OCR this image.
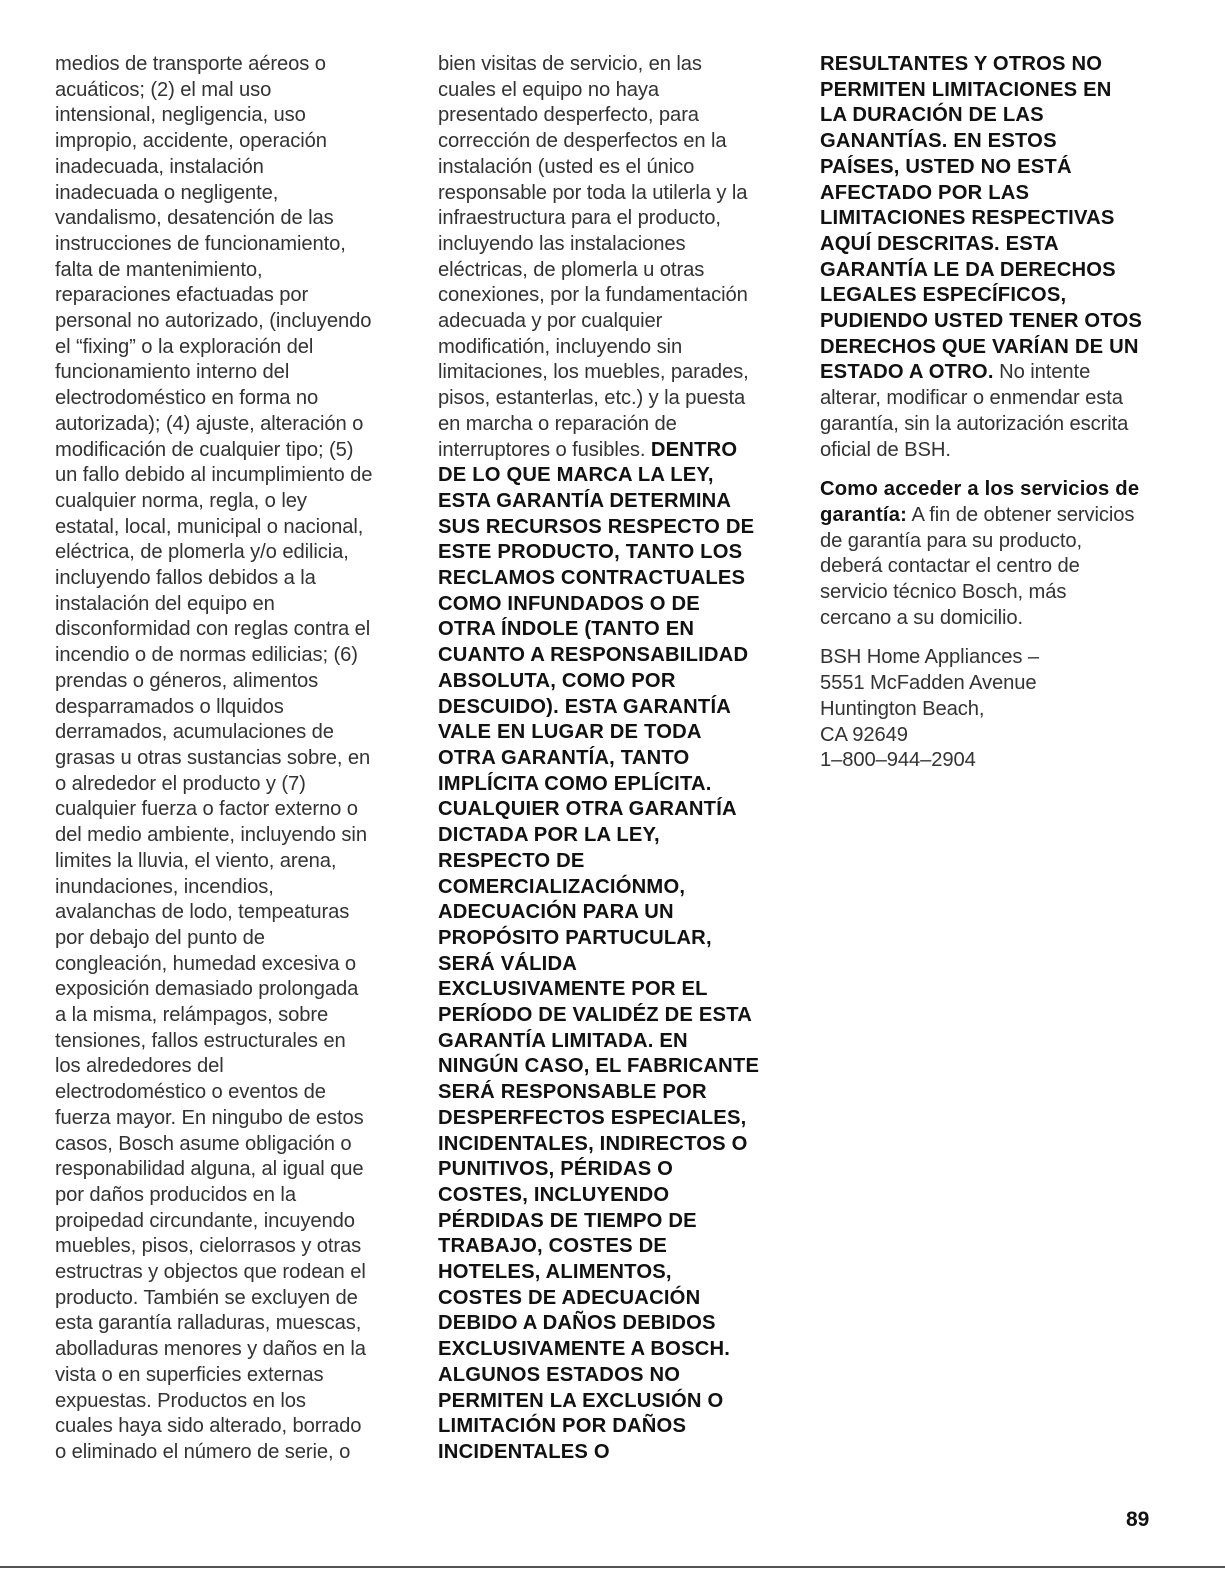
medios de transporte aéreos o
acuáticos; (2) el mal uso
intensional, negligencia, uso
impropio, accidente, operación
inadecuada, instalación
inadecuada o negligente,
vandalismo, desatención de las
instrucciones de funcionamiento,
falta de mantenimiento,
reparaciones efactuadas por
personal no autorizado, (incluyendo
el “fixing” o la exploración del
funcionamiento interno del
electrodoméstico en forma no
autorizada); (4) ajuste, alteración o
modificación de cualquier tipo; (5)
un fallo debido al incumplimiento de
cualquier norma, regla, o ley
estatal, local, municipal o nacional,
eléctrica, de plomerla y/o edilicia,
incluyendo fallos debidos a la
instalación del equipo en
disconformidad con reglas contra el
incendio o de normas edilicias; (6)
prendas o géneros, alimentos
desparramados o llquidos
derramados, acumulaciones de
grasas u otras sustancias sobre, en
o alrededor el producto y (7)
cualquier fuerza o factor externo o
del medio ambiente, incluyendo sin
limites la lluvia, el viento, arena,
inundaciones, incendios,
avalanchas de lodo, tempeaturas
por debajo del punto de
congleación, humedad excesiva o
exposición demasiado prolongada
a la misma, relámpagos, sobre
tensiones, fallos estructurales en
los alrededores del
electrodoméstico o eventos de
fuerza mayor. En ningubo de estos
casos, Bosch asume obligación o
responabilidad alguna, al igual que
por daños producidos en la
proipedad circundante, incuyendo
muebles, pisos, cielorrasos y otras
estructras y objectos que rodean el
producto. También se excluyen de
esta garantía ralladuras, muescas,
abolladuras menores y daños en la
vista o en superficies externas
expuestas. Productos en los
cuales haya sido alterado, borrado
o eliminado el número de serie, o
bien visitas de servicio, en las
cuales el equipo no haya
presentado desperfecto, para
corrección de desperfectos en la
instalación (usted es el único
responsable por toda la utilerla y la
infraestructura para el producto,
incluyendo las instalaciones
eléctricas, de plomerla u otras
conexiones, por la fundamentación
adecuada y por cualquier
modificatión, incluyendo sin
limitaciones, los muebles, parades,
pisos, estanterlas, etc.) y la puesta
en marcha o reparación de
interruptores o fusibles. DENTRO
DE LO QUE MARCA LA LEY,
ESTA GARANTÍA DETERMINA
SUS RECURSOS RESPECTO DE
ESTE PRODUCTO, TANTO LOS
RECLAMOS CONTRACTUALES
COMO INFUNDADOS O DE
OTRA ÍNDOLE (TANTO EN
CUANTO A RESPONSABILIDAD
ABSOLUTA, COMO POR
DESCUIDO). ESTA GARANTÍA
VALE EN LUGAR DE TODA
OTRA GARANTÍA, TANTO
IMPLÍCITA COMO EPLÍCITA.
CUALQUIER OTRA GARANTÍA
DICTADA POR LA LEY,
RESPECTO DE
COMERCIALIZACIÓNMO,
ADECUACIÓN PARA UN
PROPÓSITO PARTUCULAR,
SERÁ VÁLIDA
EXCLUSIVAMENTE POR EL
PERÍODO DE VALIDÉZ DE ESTA
GARANTÍA LIMITADA. EN
NINGÚN CASO, EL FABRICANTE
SERÁ RESPONSABLE POR
DESPERFECTOS ESPECIALES,
INCIDENTALES, INDIRECTOS O
PUNITIVOS, PÉRIDAS O
COSTES, INCLUYENDO
PÉRDIDAS DE TIEMPO DE
TRABAJO, COSTES DE
HOTELES, ALIMENTOS,
COSTES DE ADECUACIÓN
DEBIDO A DAÑOS DEBIDOS
EXCLUSIVAMENTE A BOSCH.
ALGUNOS ESTADOS NO
PERMITEN LA EXCLUSIÓN O
LIMITACIÓN POR DAÑOS
INCIDENTALES O
RESULTANTES Y OTROS NO
PERMITEN LIMITACIONES EN
LA DURACIÓN DE LAS
GANANTÍAS. EN ESTOS
PAÍSES, USTED NO ESTÁ
AFECTADO POR LAS
LIMITACIONES RESPECTIVAS
AQUÍ DESCRITAS. ESTA
GARANTÍA LE DA DERECHOS
LEGALES ESPECÍFICOS,
PUDIENDO USTED TENER OTOS
DERECHOS QUE VARÍAN DE UN
ESTADO A OTRO. No intente
alterar, modificar o enmendar esta
garantía, sin la autorización escrita
oficial de BSH.
Como acceder a los servicios de
garantía: A fin de obtener servicios
de garantía para su producto,
deberá contactar el centro de
servicio técnico Bosch, más
cercano a su domicilio.
BSH Home Appliances –
5551 McFadden Avenue
Huntington Beach,
CA 92649
1–800–944–2904
89
